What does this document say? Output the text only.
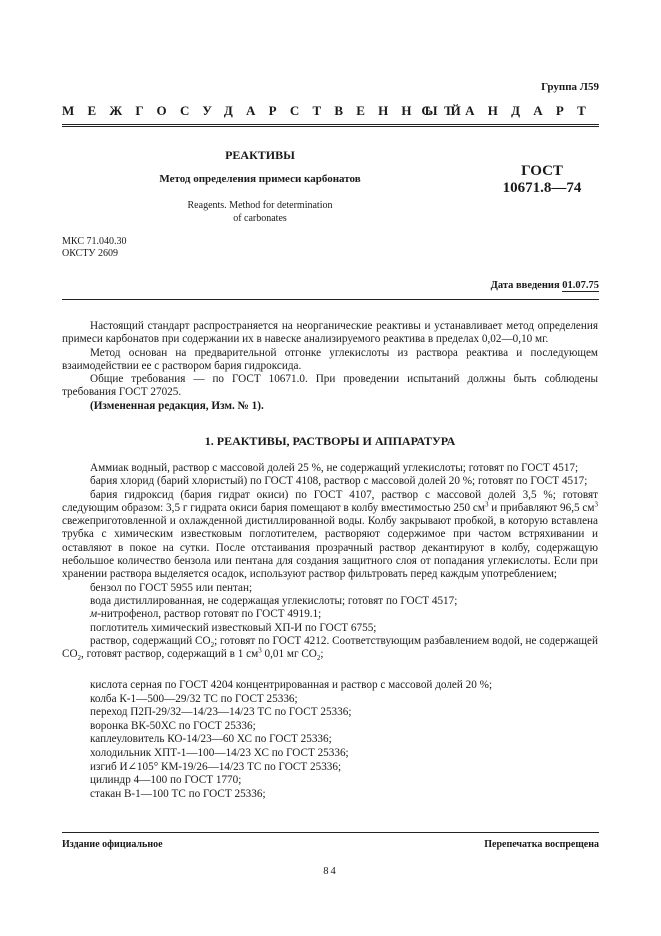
Группа Л59
МЕЖГОСУДАРСТВЕННЫЙ
СТАНДАРТ
РЕАКТИВЫ
Метод определения примеси карбонатов
Reagents. Method for determination
of carbonates
ГОСТ
10671.8—74
МКС 71.040.30
ОКСТУ 2609
Дата введения 01.07.75

Настоящий стандарт распространяется на неорганические реактивы и устанавливает метод определения примеси карбонатов при содержании их в навеске анализируемого реактива в пределах 0,02—0,10 мг.

Метод основан на предварительной отгонке углекислоты из раствора реактива и последующем взаимодействии ее с раствором бария гидроксида.

Общие требования — по ГОСТ 10671.0. При проведении испытаний должны быть соблюдены требования ГОСТ 27025.

(Измененная редакция, Изм. № 1).

1. РЕАКТИВЫ, РАСТВОРЫ И АППАРАТУРА

Аммиак водный, раствор с массовой долей 25 %, не содержащий углекислоты; готовят по ГОСТ 4517;

бария хлорид (барий хлористый) по ГОСТ 4108, раствор с массовой долей 20 %; готовят по ГОСТ 4517;

бария гидроксид (бария гидрат окиси) по ГОСТ 4107, раствор с массовой долей 3,5 %; готовят следующим образом: 3,5 г гидрата окиси бария помещают в колбу вместимостью 250 $см^3$ и прибавляют 96,5 $см^3$ свежеприготовленной и охлажденной дистиллированной воды. Колбу закрывают пробкой, в которую вставлена трубка с химическим известковым поглотителем, растворяют содержимое при частом встряхивании и оставляют в покое на сутки. После отстаивания прозрачный раствор декантируют в колбу, содержащую небольшое количество бензола или пентана для создания защитного слоя от попадания углекислоты. Если при хранении раствора выделяется осадок, используют раствор фильтровать перед каждым употреблением;

бензол по ГОСТ 5955 или пентан;

вода дистиллированная, не содержащая углекислоты; готовят по ГОСТ 4517;

м-нитрофенол, раствор готовят по ГОСТ 4919.1;

поглотитель химический известковый ХП-И по ГОСТ 6755;

раствор, содержащий $CO_2$; готовят по ГОСТ 4212. Соответствующим разбавлением водой, не содержащей $CO_2$, готовят раствор, содержащий в 1 $см^3$ 0,01 мг $CO_2$;

кислота серная по ГОСТ 4204 концентрированная и раствор с массовой долей 20 %;
колба К-1—500—29/32 ТС по ГОСТ 25336;
переход П2П-29/32—14/23—14/23 ТС по ГОСТ 25336;
воронка ВК-50ХС по ГОСТ 25336;
каплеуловитель КО-14/23—60 ХС по ГОСТ 25336;
холодильник ХПТ-1—100—14/23 ХС по ГОСТ 25336;
изгиб И∠105° КМ-19/26—14/23 ТС по ГОСТ 25336;
цилиндр 4—100 по ГОСТ 1770;
стакан В-1—100 ТС по ГОСТ 25336;
Издание официальное	Перепечатка воспрещена
84
